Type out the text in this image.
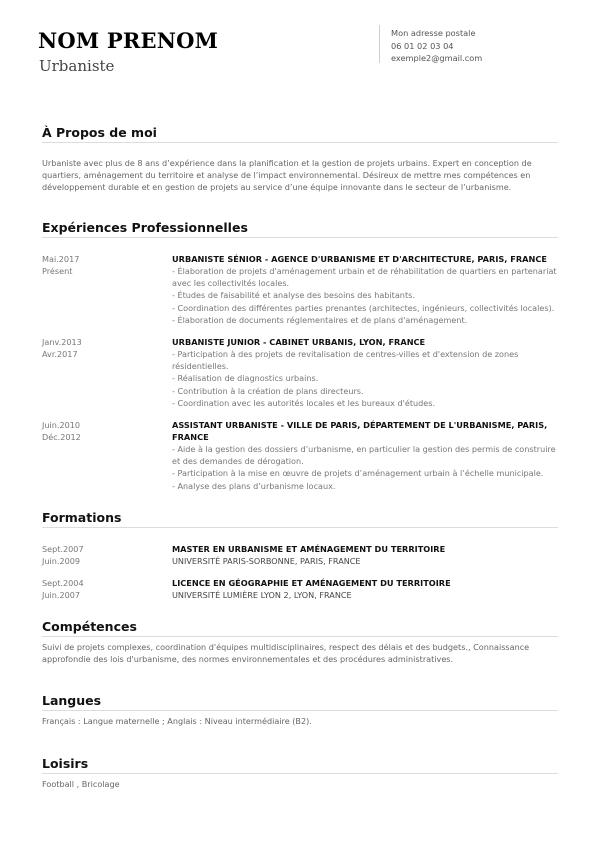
NOM PRENOM
Urbaniste
Mon adresse postale
06 01 02 03 04
exemple2@gmail.com
À Propos de moi
Urbaniste avec plus de 8 ans d’expérience dans la planification et la gestion de projets urbains. Expert en conception de quartiers, aménagement du territoire et analyse de l’impact environnemental. Désireux de mettre mes compétences en développement durable et en gestion de projets au service d’une équipe innovante dans le secteur de l’urbanisme.
Expériences Professionnelles
Mai.2017
Présent
URBANISTE SÉNIOR - AGENCE D'URBANISME ET D'ARCHITECTURE, PARIS, FRANCE
- Élaboration de projets d'aménagement urbain et de réhabilitation de quartiers en partenariat avec les collectivités locales.
- Études de faisabilité et analyse des besoins des habitants.
- Coordination des différentes parties prenantes (architectes, ingénieurs, collectivités locales).
- Élaboration de documents réglementaires et de plans d'aménagement.
Janv.2013
Avr.2017
URBANISTE JUNIOR - CABINET URBANIS, LYON, FRANCE
- Participation à des projets de revitalisation de centres-villes et d'extension de zones résidentielles.
- Réalisation de diagnostics urbains.
- Contribution à la création de plans directeurs.
- Coordination avec les autorités locales et les bureaux d'études.
Juin.2010
Déc.2012
ASSISTANT URBANISTE - VILLE DE PARIS, DÉPARTEMENT DE L'URBANISME, PARIS, FRANCE
- Aide à la gestion des dossiers d’urbanisme, en particulier la gestion des permis de construire et des demandes de dérogation.
- Participation à la mise en œuvre de projets d’aménagement urbain à l’échelle municipale.
- Analyse des plans d’urbanisme locaux.
Formations
Sept.2007
Juin.2009
MASTER EN URBANISME ET AMÉNAGEMENT DU TERRITOIRE
UNIVERSITÉ PARIS-SORBONNE, PARIS, FRANCE
Sept.2004
Juin.2007
LICENCE EN GÉOGRAPHIE ET AMÉNAGEMENT DU TERRITOIRE
UNIVERSITÉ LUMIÈRE LYON 2, LYON, FRANCE
Compétences
Suivi de projets complexes, coordination d'équipes multidisciplinaires, respect des délais et des budgets., Connaissance approfondie des lois d'urbanisme, des normes environnementales et des procédures administratives.
Langues
Français : Langue maternelle ; Anglais : Niveau intermédiaire (B2).
Loisirs
Football , Bricolage
